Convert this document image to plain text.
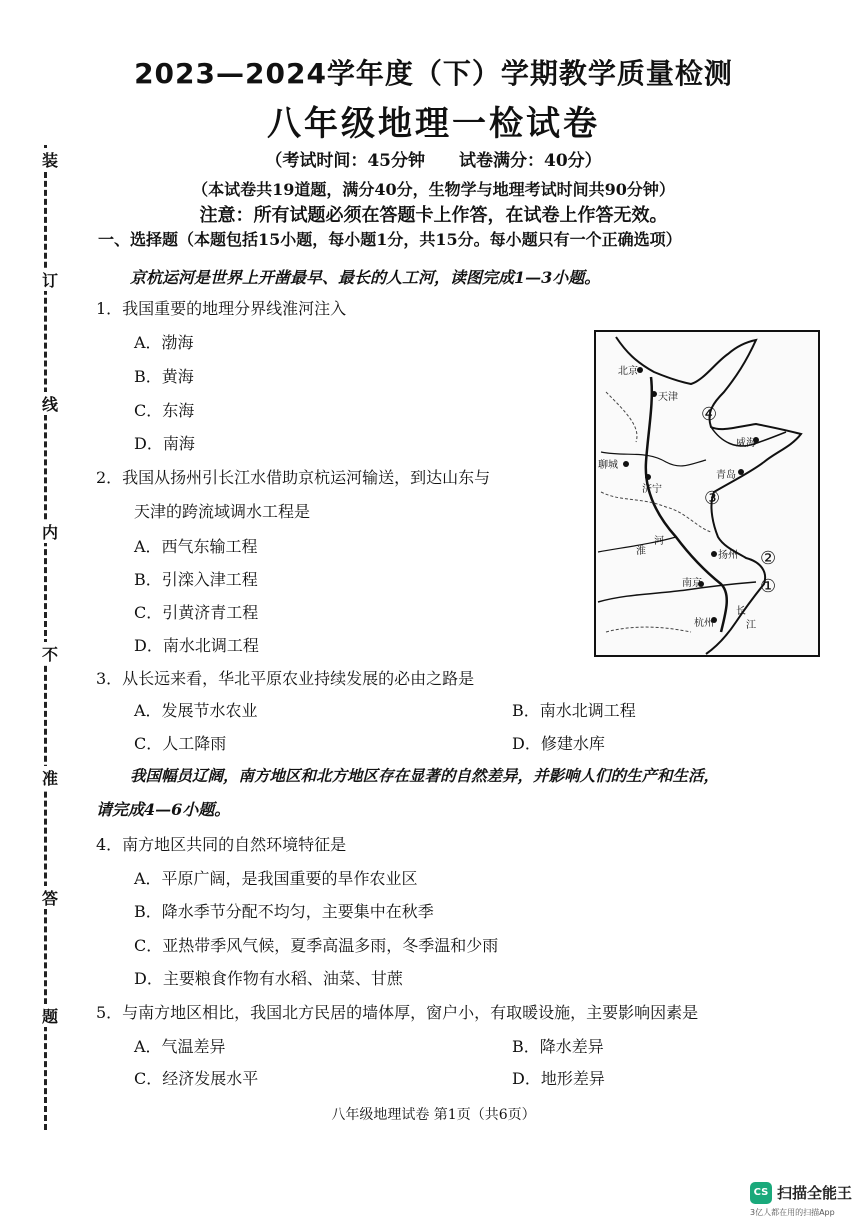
装
订
线
内
不
准
答
题
2023—2024学年度（下）学期教学质量检测
八年级地理一检试卷
（考试时间：45分钟　　试卷满分：40分）
（本试卷共19道题，满分40分，生物学与地理考试时间共90分钟）
注意：所有试题必须在答题卡上作答，在试卷上作答无效。
一、选择题（本题包括15小题，每小题1分，共15分。每小题只有一个正确选项）
京杭运河是世界上开凿最早、最长的人工河，读图完成1—3小题。
1．我国重要的地理分界线淮河注入
A．渤海
B．黄海
C．东海
D．南海
2．我国从扬州引长江水借助京杭运河输送，到达山东与
天津的跨流域调水工程是
A．西气东输工程
B．引滦入津工程
C．引黄济青工程
D．南水北调工程
3．从长远来看，华北平原农业持续发展的必由之路是
A．发展节水农业	B．南水北调工程
C．人工降雨	D．修建水库
我国幅员辽阔，南方地区和北方地区存在显著的自然差异，并影响人们的生产和生活，
请完成4—6小题。
4．南方地区共同的自然环境特征是
A．平原广阔，是我国重要的旱作农业区
B．降水季节分配不均匀，主要集中在秋季
C．亚热带季风气候，夏季高温多雨，冬季温和少雨
D．主要粮食作物有水稻、油菜、甘蔗
5．与南方地区相比，我国北方民居的墙体厚，窗户小，有取暖设施，主要影响因素是
A．气温差异	B．降水差异
C．经济发展水平	D．地形差异
④
③
②
①
北京
天津
威海
聊城
济宁
青岛
淮
河
扬州
南京
杭州
长
江
八年级地理试卷 第1页（共6页）
CS 扫描全能王
3亿人都在用的扫描App
